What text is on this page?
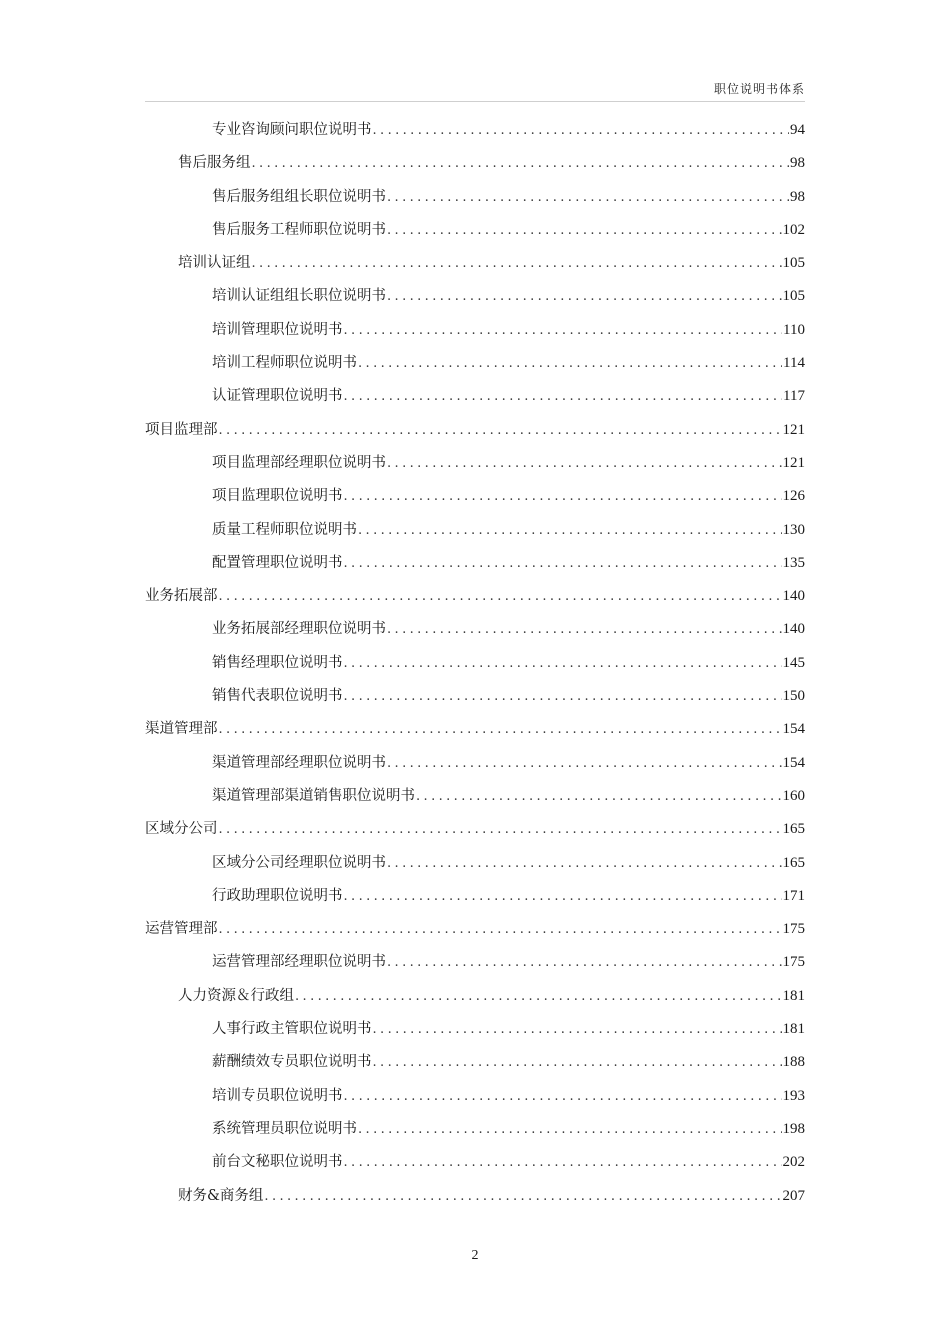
职位说明书体系
专业咨询顾问职位说明书 .....	94
售后服务组 .....	98
售后服务组组长职位说明书 .....	98
售后服务工程师职位说明书 .....	102
培训认证组 .....	105
培训认证组组长职位说明书 .....	105
培训管理职位说明书 .....	110
培训工程师职位说明书 .....	114
认证管理职位说明书 .....	117
项目监理部 .....	121
项目监理部经理职位说明书 .....	121
项目监理职位说明书 .....	126
质量工程师职位说明书 .....	130
配置管理职位说明书 .....	135
业务拓展部 .....	140
业务拓展部经理职位说明书 .....	140
销售经理职位说明书 .....	145
销售代表职位说明书 .....	150
渠道管理部 .....	154
渠道管理部经理职位说明书 .....	154
渠道管理部渠道销售职位说明书 .....	160
区域分公司 .....	165
区域分公司经理职位说明书 .....	165
行政助理职位说明书 .....	171
运营管理部 .....	175
运营管理部经理职位说明书 .....	175
人力资源＆行政组 .....	181
人事行政主管职位说明书 .....	181
薪酬绩效专员职位说明书 .....	188
培训专员职位说明书 .....	193
系统管理员职位说明书 .....	198
前台文秘职位说明书 .....	202
财务&商务组 .....	207
2
